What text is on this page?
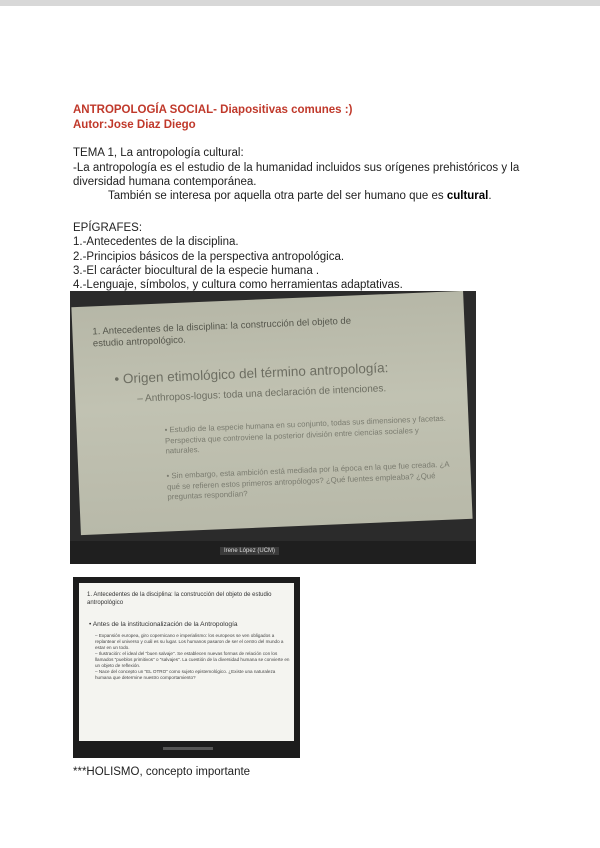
ANTROPOLOGÍA SOCIAL- Diapositivas comunes :)
Autor:Jose Diaz Diego
TEMA 1, La antropología cultural:
-La antropología es el estudio de la humanidad incluidos sus orígenes prehistóricos y la
diversidad humana contemporánea.
También se interesa por aquella otra parte del ser humano que es cultural.
EPÍGRAFES:
1.-Antecedentes de la disciplina.
2.-Principios básicos de la perspectiva antropológica.
3.-El carácter biocultural de la especie humana .
4.-Lenguaje, símbolos, y cultura como herramientas adaptativas.
1. Antecedentes de la disciplina: la construcción del objeto de estudio antropológico.
• Origen etimológico del término antropología:
– Anthropos-logus: toda una declaración de intenciones.
• Estudio de la especie humana en su conjunto, todas sus dimensiones y facetas. Perspectiva que controviene la posterior división entre ciencias sociales y naturales.
• Sin embargo, esta ambición está mediada por la época en la que fue creada. ¿A qué se refieren estos primeros antropólogos? ¿Qué fuentes empleaba? ¿Qué preguntas respondían?
Irene López (UCM)
1. Antecedentes de la disciplina: la construcción del objeto de estudio antropológico
• Antes de la institucionalización de la Antropología
– Expansión europea, giro copernicano e imperialismo: los europeos se ven obligados a replantear el universo y cuál es su lugar. Los humanos pasaron de ser el centro del mundo a estar en un todo.
– Ilustración: el ideal del "buen salvaje". Se establecen nuevas formas de relación con los llamados "pueblos primitivos" o "salvajes". La cuestión de la diversidad humana se convierte en un objeto de reflexión.
– Nace del concepto un "EL OTRO" como sujeto epistemológico. ¿Existe una naturaleza humana que determine nuestro comportamiento?
***HOLISMO, concepto importante
